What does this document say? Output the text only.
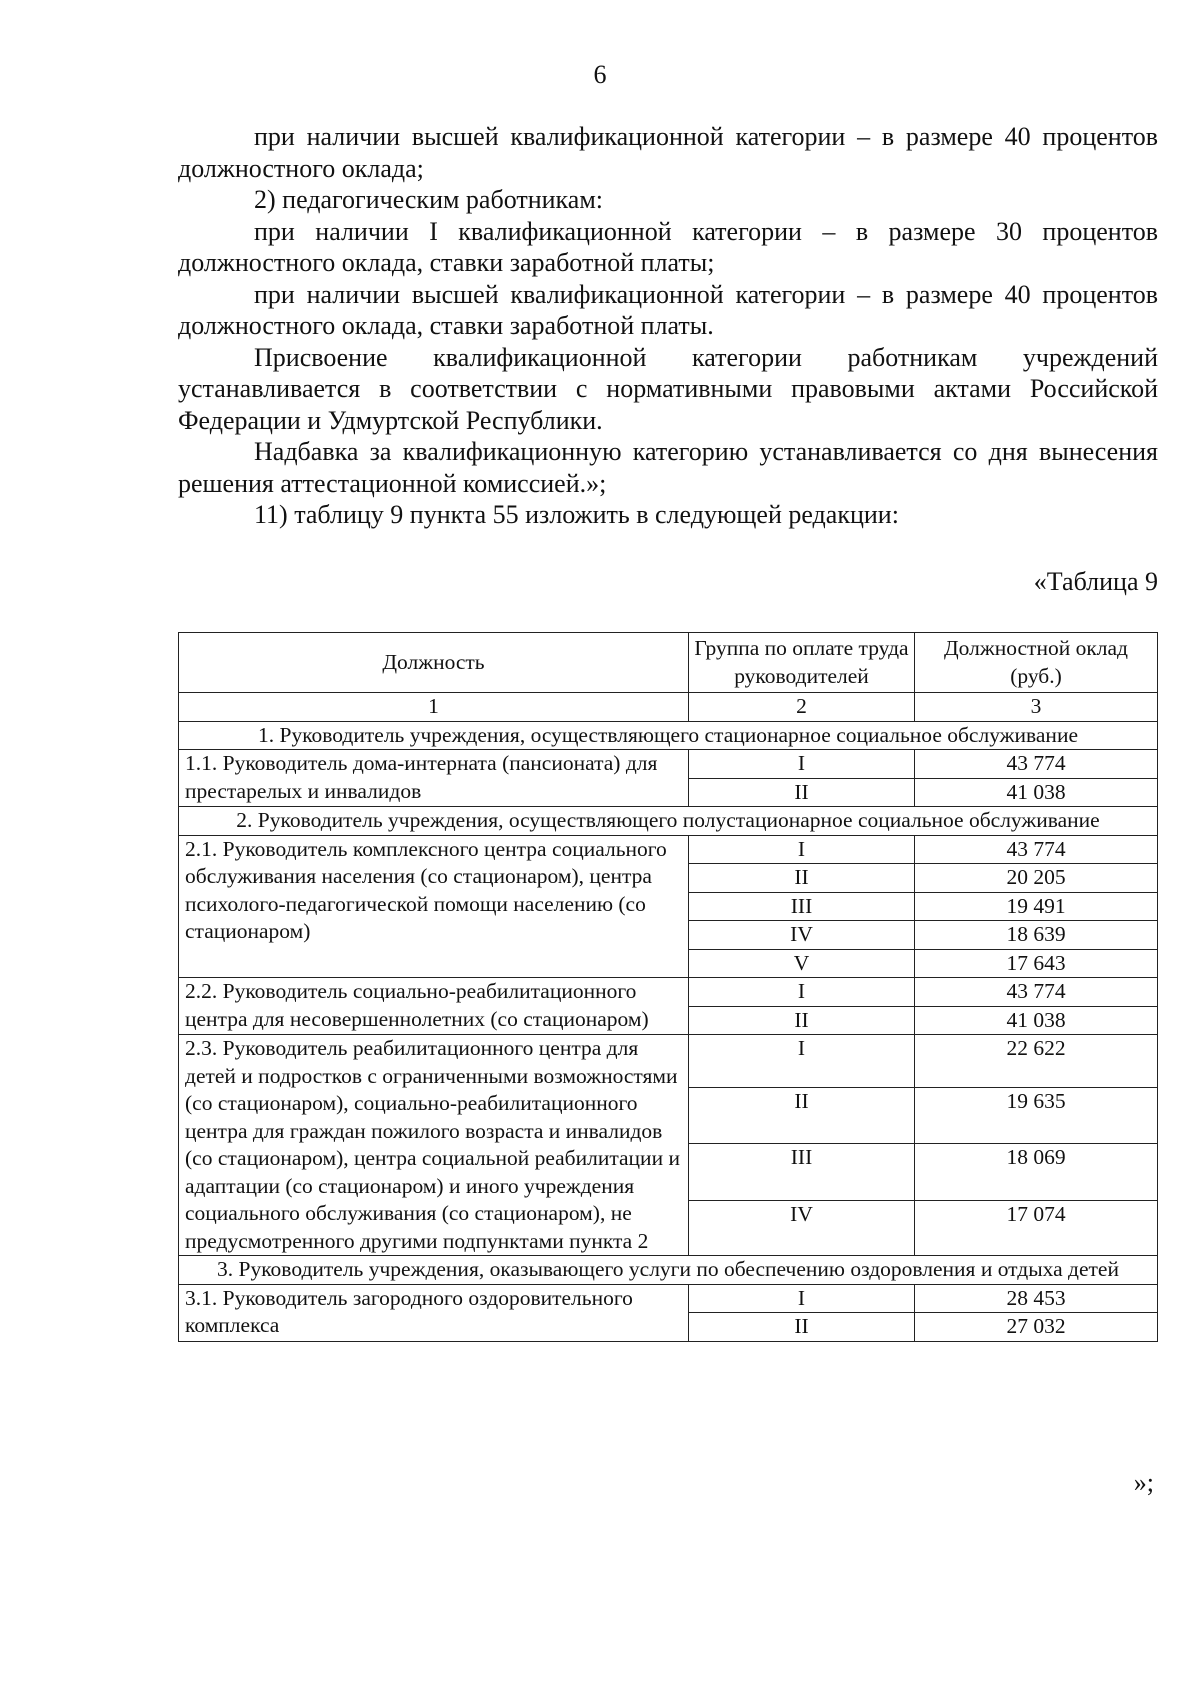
6

при наличии высшей квалификационной категории – в размере 40 процентов должностного оклада;

2) педагогическим работникам:

при наличии I квалификационной категории – в размере 30 процентов должностного оклада, ставки заработной платы;

при наличии высшей квалификационной категории – в размере 40 процентов должностного оклада, ставки заработной платы.

Присвоение квалификационной категории работникам учреждений устанавливается в соответствии с нормативными правовыми актами Российской Федерации и Удмуртской Республики.

Надбавка за квалификационную категорию устанавливается со дня вынесения решения аттестационной комиссией.»;

11) таблицу 9 пункта 55 изложить в следующей редакции:

«Таблица 9
Должность	Группа по оплате труда руководителей	Должностной оклад (руб.)
1	2	3
1. Руководитель учреждения, осуществляющего стационарное социальное обслуживание		
1.1. Руководитель дома-интерната (пансионата) для престарелых и инвалидов	I	43 774
	II	41 038
2. Руководитель учреждения, осуществляющего полустационарное социальное обслуживание		
2.1. Руководитель комплексного центра социального обслуживания населения (со стационаром), центра психолого-педагогической помощи населению (со стационаром)	I	43 774
	II	20 205
	III	19 491
	IV	18 639
	V	17 643
2.2. Руководитель социально-реабилитационного центра для несовершеннолетних (со стационаром)	I	43 774
	II	41 038
2.3. Руководитель реабилитационного центра для детей и подростков с ограниченными возможностями (со стационаром), социально-реабилитационного центра для граждан пожилого возраста и инвалидов (со стационаром), центра социальной реабилитации и адаптации (со стационаром) и иного учреждения социального обслуживания (со стационаром), не предусмотренного другими подпунктами пункта 2	I	22 622
	II	19 635
	III	18 069
	IV	17 074
3. Руководитель учреждения, оказывающего услуги по обеспечению оздоровления и отдыха детей		
3.1. Руководитель загородного оздоровительного комплекса	I	28 453
	II	27 032
»;
